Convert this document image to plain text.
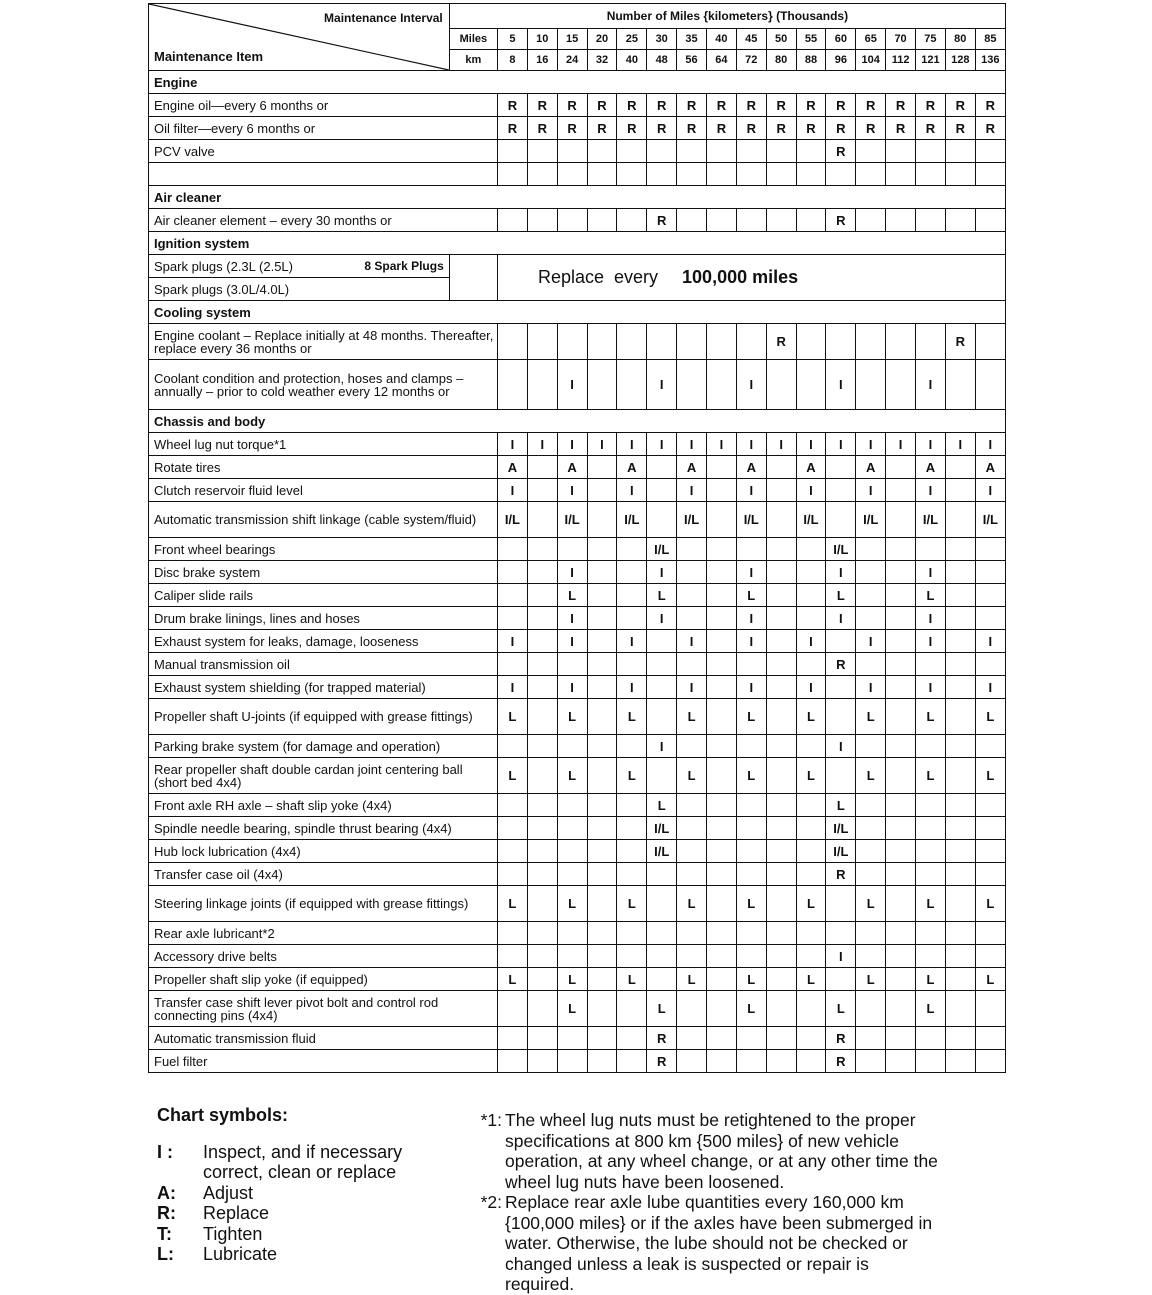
Maintenance Interval
Maintenance Item	Number of Miles {kilometers} (Thousands)																	
	Miles	5	10	15	20	25	30	35	40	45	50	55	60	65	70	75	80	85
	km	8	16	24	32	40	48	56	64	72	80	88	96	104	112	121	128	136
Engine																		
Engine oil—every 6 months or		R	R	R	R	R	R	R	R	R	R	R	R	R	R	R	R	R
Oil filter—every 6 months or		R	R	R	R	R	R	R	R	R	R	R	R	R	R	R	R	R
PCV valve													R					

Air cleaner																		
Air cleaner element – every 30 months or							R						R					
Ignition system																		
Spark plugs (2.3L (2.5L) 8 Spark Plugs		Replace every 100,000 miles																
Spark plugs (3.0L/4.0L)																		
Cooling system																		
Engine coolant – Replace initially at 48 months. Thereafter, replace every 36 months or											R						R	
Coolant condition and protection, hoses and clamps – annually – prior to cold weather every 12 months or				I			I			I			I			I		
Chassis and body																		
Wheel lug nut torque*1		I	I	I	I	I	I	I	I	I	I	I	I	I	I	I	I	I
Rotate tires		A		A		A		A		A		A		A		A		A
Clutch reservoir fluid level		I		I		I		I		I		I		I		I		I
Automatic transmission shift linkage (cable system/fluid)		I/L		I/L		I/L		I/L		I/L		I/L		I/L		I/L		I/L
Front wheel bearings							I/L						I/L					
Disc brake system				I			I			I			I			I		
Caliper slide rails				L			L			L			L			L		
Drum brake linings, lines and hoses				I			I			I			I			I		
Exhaust system for leaks, damage, looseness		I		I		I		I		I		I		I		I		I
Manual transmission oil													R					
Exhaust system shielding (for trapped material)		I		I		I		I		I		I		I		I		I
Propeller shaft U-joints (if equipped with grease fittings)		L		L		L		L		L		L		L		L		L
Parking brake system (for damage and operation)							I						I					
Rear propeller shaft double cardan joint centering ball (short bed 4x4)		L		L		L		L		L		L		L		L		L
Front axle RH axle – shaft slip yoke (4x4)							L						L					
Spindle needle bearing, spindle thrust bearing (4x4)							I/L						I/L					
Hub lock lubrication (4x4)							I/L						I/L					
Transfer case oil (4x4)													R					
Steering linkage joints (if equipped with grease fittings)		L		L		L		L		L		L		L		L		L
Rear axle lubricant*2																		
Accessory drive belts													I					
Propeller shaft slip yoke (if equipped)		L		L		L		L		L		L		L		L		L
Transfer case shift lever pivot bolt and control rod connecting pins (4x4)				L			L			L			L			L		
Automatic transmission fluid							R						R					
Fuel filter							R						R					
Chart symbols:
I :	Inspect, and if necessary correct, clean or replace
A:	Adjust
R:	Replace
T:	Tighten
L:	Lubricate
*1: The wheel lug nuts must be retightened to the proper specifications at 800 km {500 miles} of new vehicle operation, at any wheel change, or at any other time the wheel lug nuts have been loosened.
*2: Replace rear axle lube quantities every 160,000 km {100,000 miles} or if the axles have been submerged in water. Otherwise, the lube should not be checked or changed unless a leak is suspected or repair is required.
